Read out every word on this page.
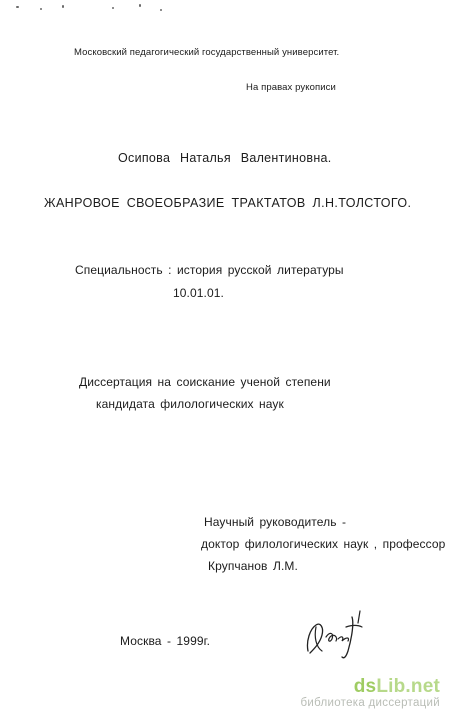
Московский педагогический государственный университет.
На правах рукописи
Осипова Наталья Валентиновна.
ЖАНРОВОЕ СВОЕОБРАЗИЕ ТРАКТАТОВ Л.Н.ТОЛСТОГО.
Специальность : история русской литературы
10.01.01.
Диссертация на соискание ученой степени
кандидата филологических наук
Научный руководитель -
доктор филологических наук , профессор
Крупчанов Л.М.
Москва - 1999г.
dsLib.net
библиотека диссертаций
